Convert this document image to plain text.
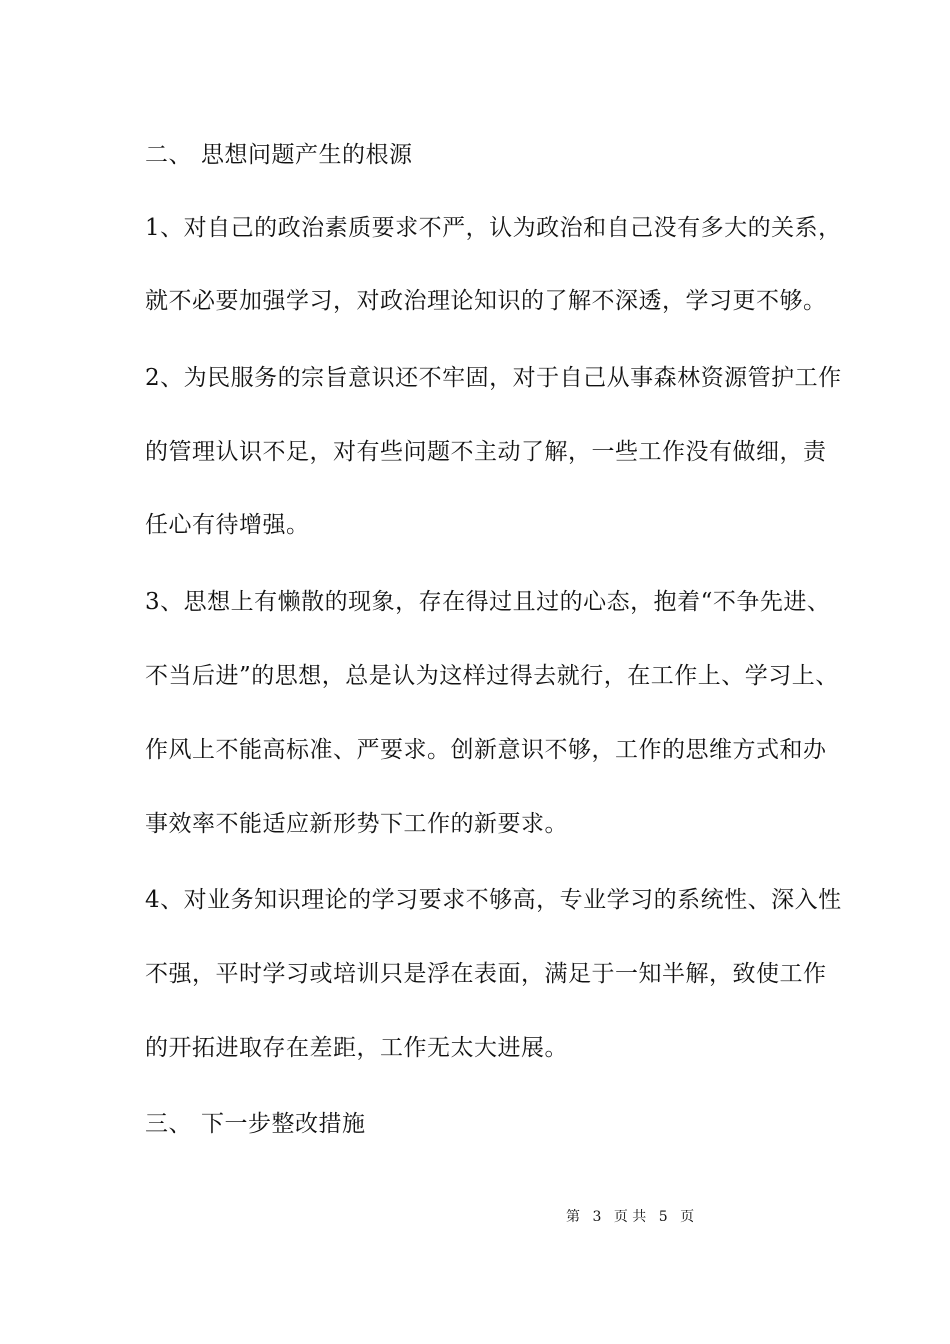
二、 思想问题产生的根源
1、对自己的政治素质要求不严，认为政治和自己没有多大的关系，
就不必要加强学习，对政治理论知识的了解不深透，学习更不够。
2、为民服务的宗旨意识还不牢固，对于自己从事森林资源管护工作
的管理认识不足，对有些问题不主动了解，一些工作没有做细，责
任心有待增强。
3、思想上有懒散的现象，存在得过且过的心态，抱着“不争先进、
不当后进”的思想，总是认为这样过得去就行，在工作上、学习上、
作风上不能高标准、严要求。创新意识不够，工作的思维方式和办
事效率不能适应新形势下工作的新要求。
4、对业务知识理论的学习要求不够高，专业学习的系统性、深入性
不强，平时学习或培训只是浮在表面，满足于一知半解，致使工作
的开拓进取存在差距，工作无太大进展。
三、 下一步整改措施
第 3 页 共 5 页
